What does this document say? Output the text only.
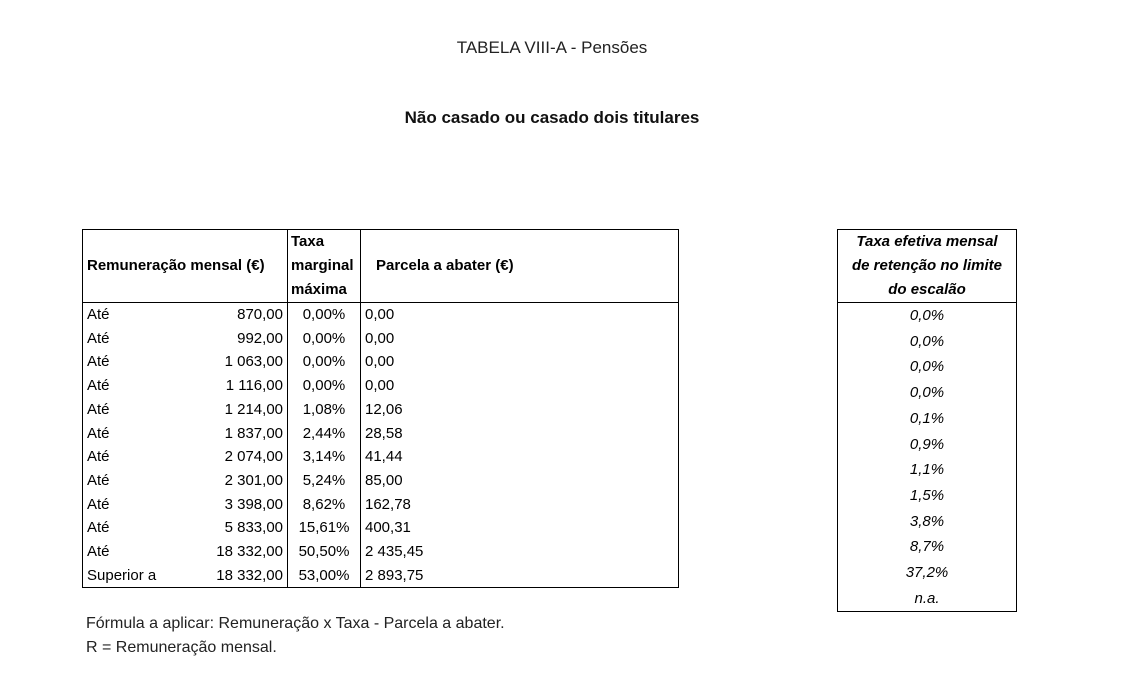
TABELA VIII-A - Pensões
Não casado ou casado dois titulares
Remuneração mensal (€)		Taxa
marginal
máxima	Parcela a abater (€)
Até	870,00	0,00%	0,00
Até	992,00	0,00%	0,00
Até	1 063,00	0,00%	0,00
Até	1 116,00	0,00%	0,00
Até	1 214,00	1,08%	12,06
Até	1 837,00	2,44%	28,58
Até	2 074,00	3,14%	41,44
Até	2 301,00	5,24%	85,00
Até	3 398,00	8,62%	162,78
Até	5 833,00	15,61%	400,31
Até	18 332,00	50,50%	2 435,45
Superior a	18 332,00	53,00%	2 893,75
Taxa efetiva mensal
de retenção no limite
do escalão

0,0%
0,0%
0,0%
0,0%
0,1%
0,9%
1,1%
1,5%
3,8%
8,7%
37,2%
n.a.
Fórmula a aplicar: Remuneração x Taxa - Parcela a abater.
R = Remuneração mensal.
